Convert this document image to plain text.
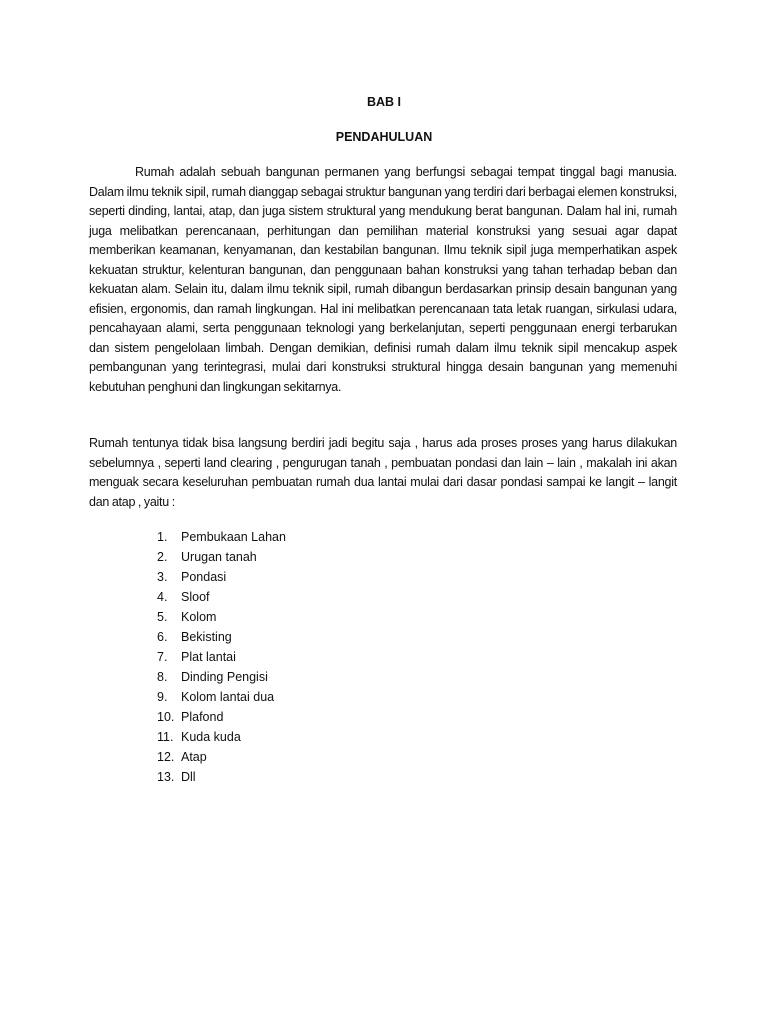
BAB I
PENDAHULUAN

Rumah adalah sebuah bangunan permanen yang berfungsi sebagai tempat tinggal bagi manusia. Dalam ilmu teknik sipil, rumah dianggap sebagai struktur bangunan yang terdiri dari berbagai elemen konstruksi, seperti dinding, lantai, atap, dan juga sistem struktural yang mendukung berat bangunan. Dalam hal ini, rumah juga melibatkan perencanaan, perhitungan dan pemilihan material konstruksi yang sesuai agar dapat memberikan keamanan, kenyamanan, dan kestabilan bangunan. Ilmu teknik sipil juga memperhatikan aspek kekuatan struktur, kelenturan bangunan, dan penggunaan bahan konstruksi yang tahan terhadap beban dan kekuatan alam. Selain itu, dalam ilmu teknik sipil, rumah dibangun berdasarkan prinsip desain bangunan yang efisien, ergonomis, dan ramah lingkungan. Hal ini melibatkan perencanaan tata letak ruangan, sirkulasi udara, pencahayaan alami, serta penggunaan teknologi yang berkelanjutan, seperti penggunaan energi terbarukan dan sistem pengelolaan limbah. Dengan demikian, definisi rumah dalam ilmu teknik sipil mencakup aspek pembangunan yang terintegrasi, mulai dari konstruksi struktural hingga desain bangunan yang memenuhi kebutuhan penghuni dan lingkungan sekitarnya.

Rumah tentunya tidak bisa langsung berdiri jadi begitu saja , harus ada proses proses yang harus dilakukan sebelumnya , seperti land clearing , pengurugan tanah , pembuatan pondasi dan lain – lain , makalah ini akan menguak secara keseluruhan pembuatan rumah dua lantai mulai dari dasar pondasi sampai ke langit – langit dan atap , yaitu :

1.	Pembukaan Lahan
2.	Urugan tanah
3.	Pondasi
4.	Sloof
5.	Kolom
6.	Bekisting
7.	Plat lantai
8.	Dinding Pengisi
9.	Kolom lantai dua
10. Plafond
11. Kuda kuda
12. Atap
13. Dll
